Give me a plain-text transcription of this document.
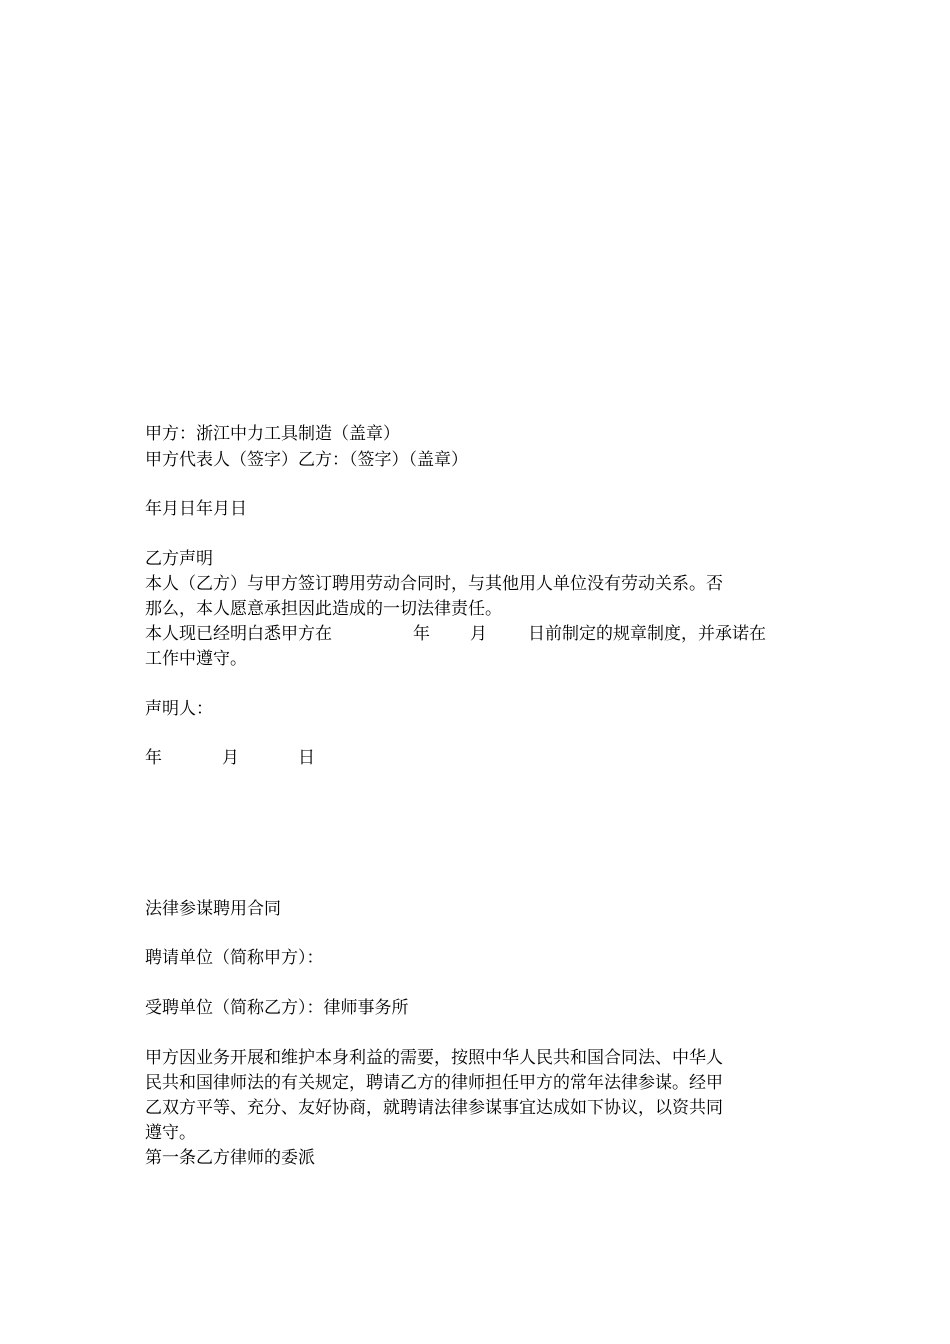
甲方：浙江中力工具制造（盖章）
甲方代表人（签字）乙方：（签字）（盖章）
年月日年月日
乙方声明
本人（乙方）与甲方签订聘用劳动合同时，与其他用人单位没有劳动关系。否
那么，本人愿意承担因此造成的一切法律责任。
本人现已经明白悉甲方在	年 月 日前制定的规章制度，并承诺在
工作中遵守。
声明人：
年	月	日
法律参谋聘用合同
聘请单位（简称甲方）：
受聘单位（简称乙方）：律师事务所
甲方因业务开展和维护本身利益的需要，按照中华人民共和国合同法、中华人
民共和国律师法的有关规定，聘请乙方的律师担任甲方的常年法律参谋。经甲
乙双方平等、充分、友好协商，就聘请法律参谋事宜达成如下协议，以资共同
遵守。
第一条乙方律师的委派
